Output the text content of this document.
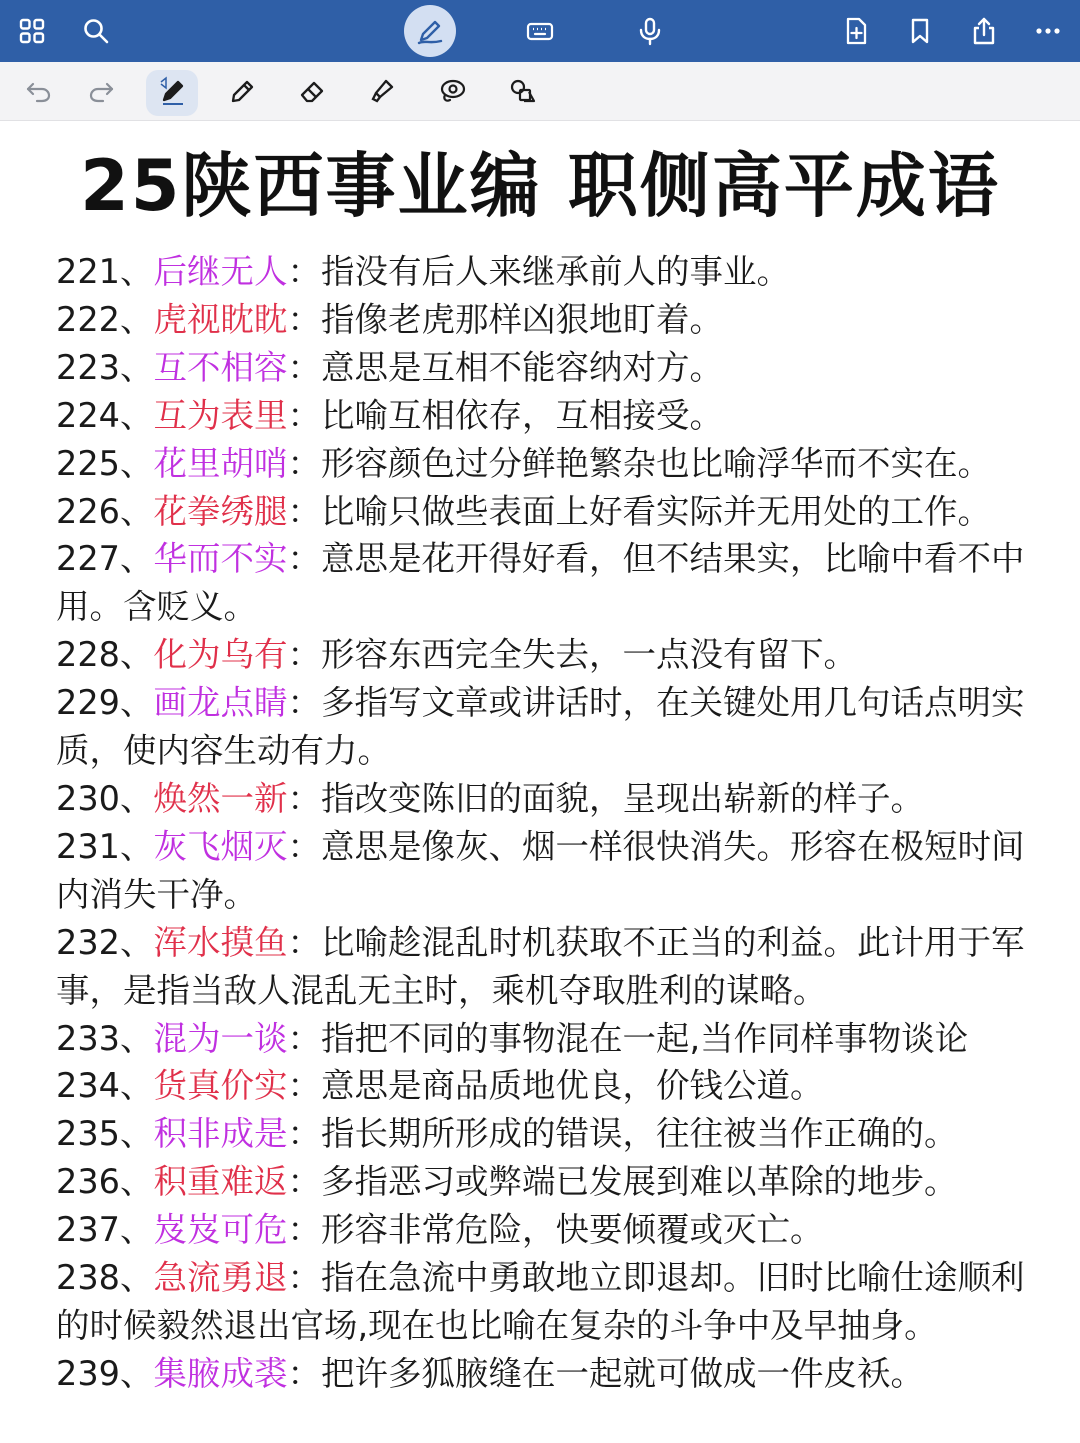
25陕西事业编 职侧高平成语

221、后继无人：指没有后人来继承前人的事业。

222、虎视眈眈：指像老虎那样凶狠地盯着。

223、互不相容：意思是互相不能容纳对方。

224、互为表里：比喻互相依存，互相接受。

225、花里胡哨：形容颜色过分鲜艳繁杂也比喻浮华而不实在。

226、花拳绣腿：比喻只做些表面上好看实际并无用处的工作。

227、华而不实：意思是花开得好看，但不结果实，比喻中看不中用。含贬义。

228、化为乌有：形容东西完全失去，一点没有留下。

229、画龙点睛：多指写文章或讲话时，在关键处用几句话点明实质，使内容生动有力。

230、焕然一新：指改变陈旧的面貌，呈现出崭新的样子。

231、灰飞烟灭：意思是像灰、烟一样很快消失。形容在极短时间内消失干净。

232、浑水摸鱼：比喻趁混乱时机获取不正当的利益。此计用于军事，是指当敌人混乱无主时，乘机夺取胜利的谋略。

233、混为一谈：指把不同的事物混在一起,当作同样事物谈论

234、货真价实：意思是商品质地优良，价钱公道。

235、积非成是：指长期所形成的错误，往往被当作正确的。

236、积重难返：多指恶习或弊端已发展到难以革除的地步。

237、岌岌可危：形容非常危险，快要倾覆或灭亡。

238、急流勇退：指在急流中勇敢地立即退却。旧时比喻仕途顺利的时候毅然退出官场,现在也比喻在复杂的斗争中及早抽身。

239、集腋成裘：把许多狐腋缝在一起就可做成一件皮袄。
